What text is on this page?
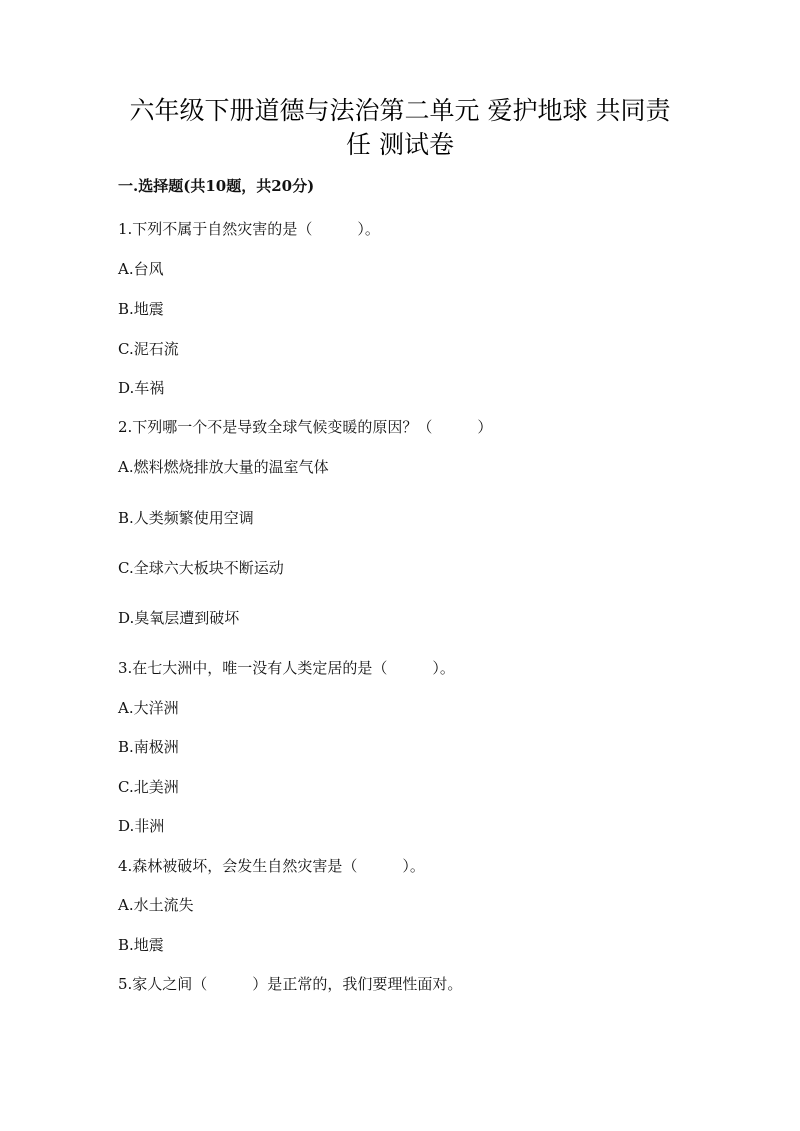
六年级下册道德与法治第二单元 爱护地球 共同责
任 测试卷
一.选择题(共10题，共20分)
1.下列不属于自然灾害的是（　　　）。
A.台风
B.地震
C.泥石流
D.车祸
2.下列哪一个不是导致全球气候变暖的原因？（　　　）
A.燃料燃烧排放大量的温室气体
B.人类频繁使用空调
C.全球六大板块不断运动
D.臭氧层遭到破坏
3.在七大洲中，唯一没有人类定居的是（　　　）。
A.大洋洲
B.南极洲
C.北美洲
D.非洲
4.森林被破坏，会发生自然灾害是（　　　）。
A.水土流失
B.地震
5.家人之间（　　　）是正常的，我们要理性面对。
